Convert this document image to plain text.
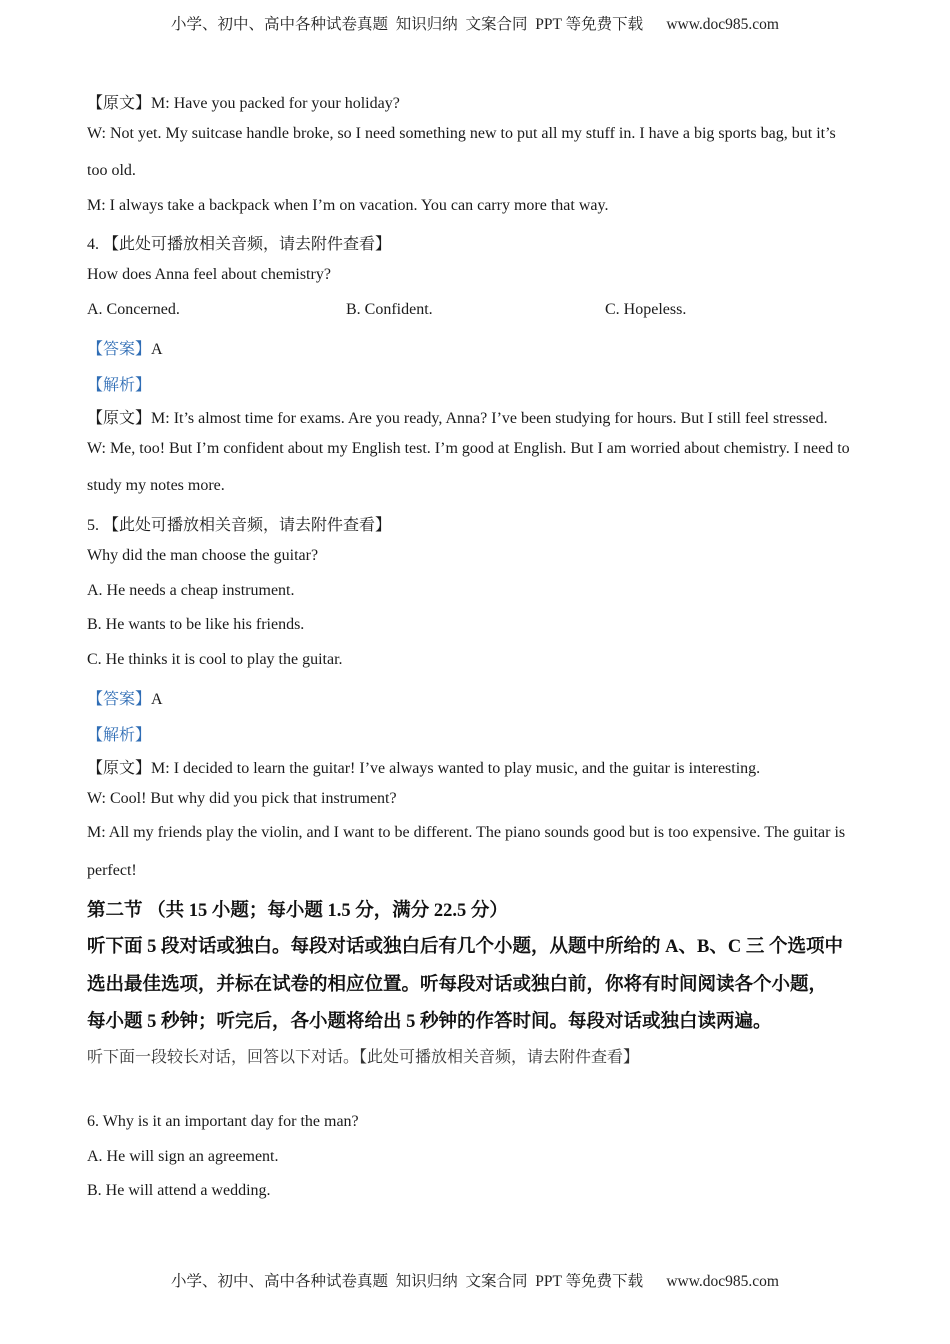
小学、初中、高中各种试卷真题  知识归纳  文案合同  PPT 等免费下载      www.doc985.com
【原文】M: Have you packed for your holiday?
W: Not yet. My suitcase handle broke, so I need something new to put all my stuff in. I have a big sports bag, but it’s
too old.
M: I always take a backpack when I’m on vacation. You can carry more that way.
4. 【此处可播放相关音频，请去附件查看】
How does Anna feel about chemistry?
A. Concerned.	B. Confident.	C. Hopeless.
【答案】A
【解析】
【原文】M: It’s almost time for exams. Are you ready, Anna? I’ve been studying for hours. But I still feel stressed.
W: Me, too! But I’m confident about my English test. I’m good at English. But I am worried about chemistry. I need to
study my notes more.
5. 【此处可播放相关音频，请去附件查看】
Why did the man choose the guitar?
A. He needs a cheap instrument.
B. He wants to be like his friends.
C. He thinks it is cool to play the guitar.
【答案】A
【解析】
【原文】M: I decided to learn the guitar! I’ve always wanted to play music, and the guitar is interesting.
W: Cool! But why did you pick that instrument?
M: All my friends play the violin, and I want to be different. The piano sounds good but is too expensive. The guitar is
perfect!
第二节 （共 15 小题；每小题 1.5 分，满分 22.5 分）
听下面 5 段对话或独白。每段对话或独白后有几个小题，从题中所给的 A、B、C 三 个选项中
选出最佳选项，并标在试卷的相应位置。听每段对话或独白前，你将有时间阅读各个小题，
每小题 5 秒钟；听完后，各小题将给出 5 秒钟的作答时间。每段对话或独白读两遍。
听下面一段较长对话，回答以下对话。【此处可播放相关音频，请去附件查看】
6. Why is it an important day for the man?
A. He will sign an agreement.
B. He will attend a wedding.
小学、初中、高中各种试卷真题  知识归纳  文案合同  PPT 等免费下载      www.doc985.com
